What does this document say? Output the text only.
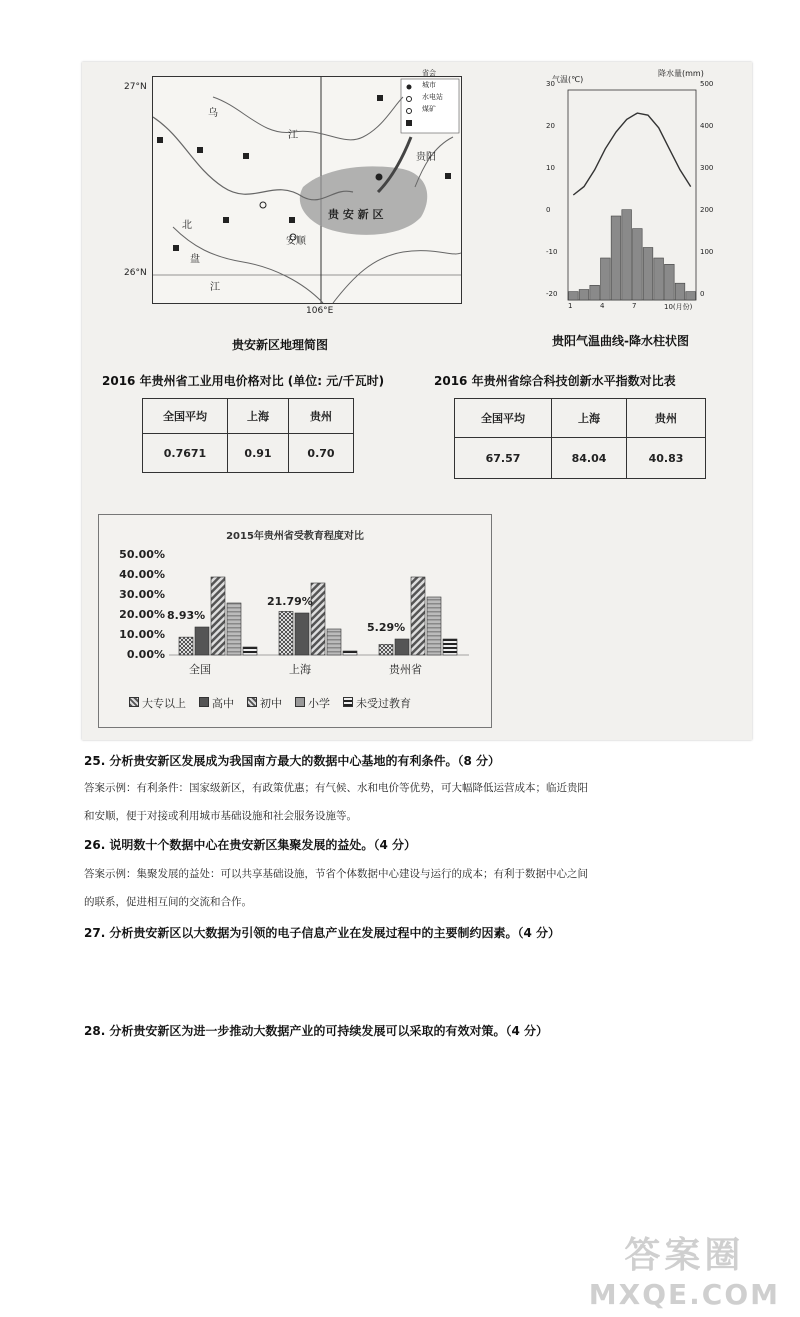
省会
城市
水电站
煤矿
27°N
26°N
106°E
乌
江
贵阳
安顺
贵 安 新 区
北
盘
江
贵安新区地理简图
气温(℃)
降水量(mm)
30
20
10
0
-10
-20
500
400
300
200
100
0
1	4	7	10(月份)
贵阳气温曲线-降水柱状图
2016 年贵州省工业用电价格对比 (单位: 元/千瓦时)
全国平均	上海	贵州
0.7671	0.91	0.70
2016 年贵州省综合科技创新水平指数对比表
全国平均	上海	贵州
67.57	84.04	40.83
2015年贵州省受教育程度对比
50.00%
40.00%
30.00%
20.00%
10.00%
0.00%
8.93%
21.79%
5.29%
全国	上海	贵州省
大专以上	高中	初中	小学	未受过教育
25. 分析贵安新区发展成为我国南方最大的数据中心基地的有利条件。（8 分）
答案示例：有利条件：国家级新区，有政策优惠；有气候、水和电价等优势，可大幅降低运营成本；临近贵阳
和安顺，便于对接或利用城市基础设施和社会服务设施等。
26. 说明数十个数据中心在贵安新区集聚发展的益处。（4 分）
答案示例：集聚发展的益处：可以共享基础设施，节省个体数据中心建设与运行的成本；有利于数据中心之间
的联系，促进相互间的交流和合作。
27. 分析贵安新区以大数据为引领的电子信息产业在发展过程中的主要制约因素。（4 分）
28. 分析贵安新区为进一步推动大数据产业的可持续发展可以采取的有效对策。（4 分）
答案圈
MXQE.COM
